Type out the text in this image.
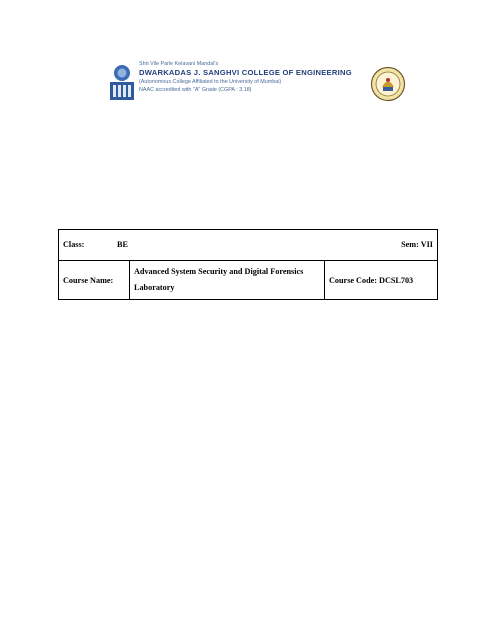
Shri Vile Parle Kelavani Mandal's
DWARKADAS J. SANGHVI COLLEGE OF ENGINEERING
(Autonomous College Affiliated to the University of Mumbai)
NAAC accredited with "A" Grade (CGPA : 3.18)
Class:	BE	Sem: VII

Course Name:	Advanced System Security and Digital Forensics Laboratory	Course Code: DCSL703
